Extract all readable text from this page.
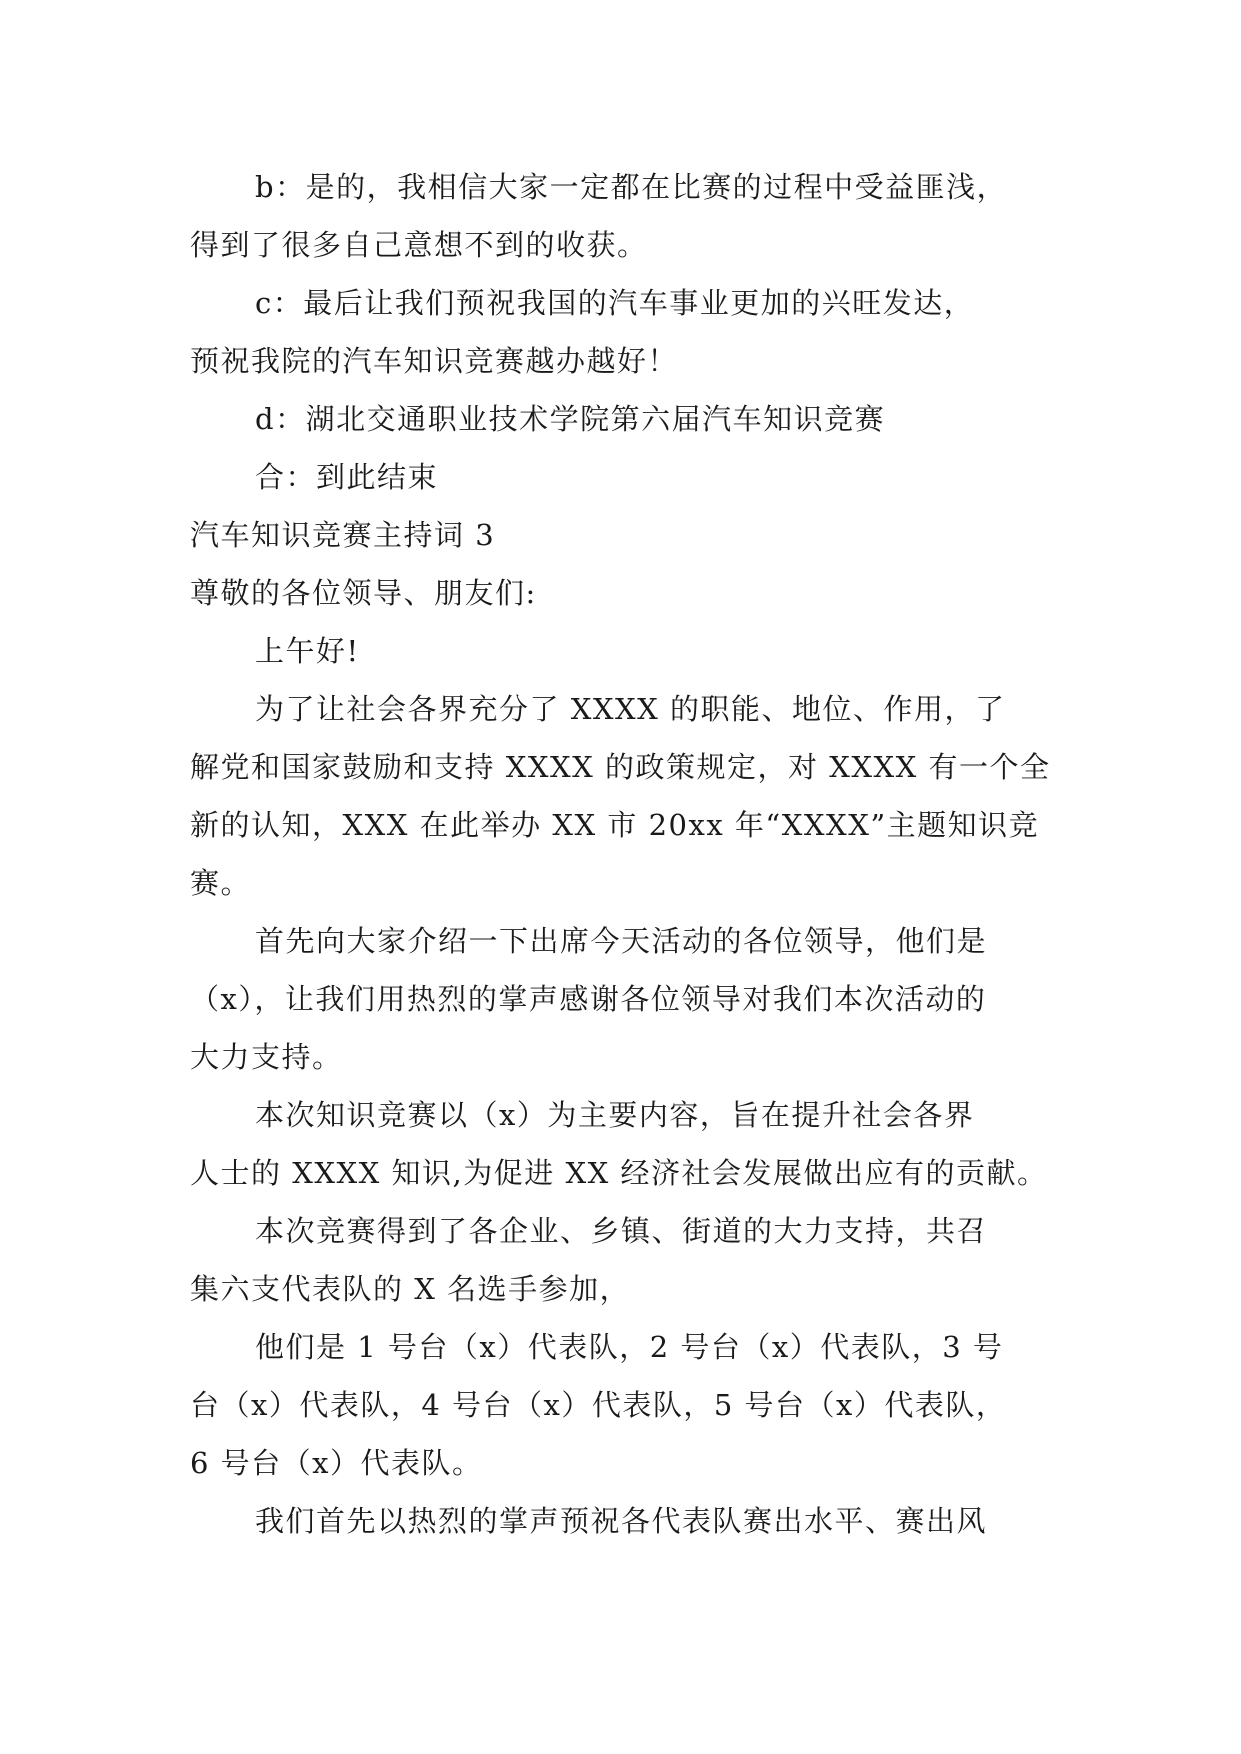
b：是的，我相信大家一定都在比赛的过程中受益匪浅，
得到了很多自己意想不到的收获。
c：最后让我们预祝我国的汽车事业更加的兴旺发达，
预祝我院的汽车知识竞赛越办越好！
d：湖北交通职业技术学院第六届汽车知识竞赛
合：到此结束
汽车知识竞赛主持词 3
尊敬的各位领导、朋友们:
上午好!
为了让社会各界充分了 XXXX 的职能、地位、作用，了
解党和国家鼓励和支持 XXXX 的政策规定，对 XXXX 有一个全
新的认知，XXX 在此举办 XX 市 20xx 年“XXXX”主题知识竞
赛。
首先向大家介绍一下出席今天活动的各位领导，他们是
（x），让我们用热烈的掌声感谢各位领导对我们本次活动的
大力支持。
本次知识竞赛以（x）为主要内容，旨在提升社会各界
人士的 XXXX 知识,为促进 XX 经济社会发展做出应有的贡献。
本次竞赛得到了各企业、乡镇、街道的大力支持，共召
集六支代表队的 X 名选手参加，
他们是 1 号台（x）代表队，2 号台（x）代表队，3 号
台（x）代表队，4 号台（x）代表队，5 号台（x）代表队，
6 号台（x）代表队。
我们首先以热烈的掌声预祝各代表队赛出水平、赛出风
